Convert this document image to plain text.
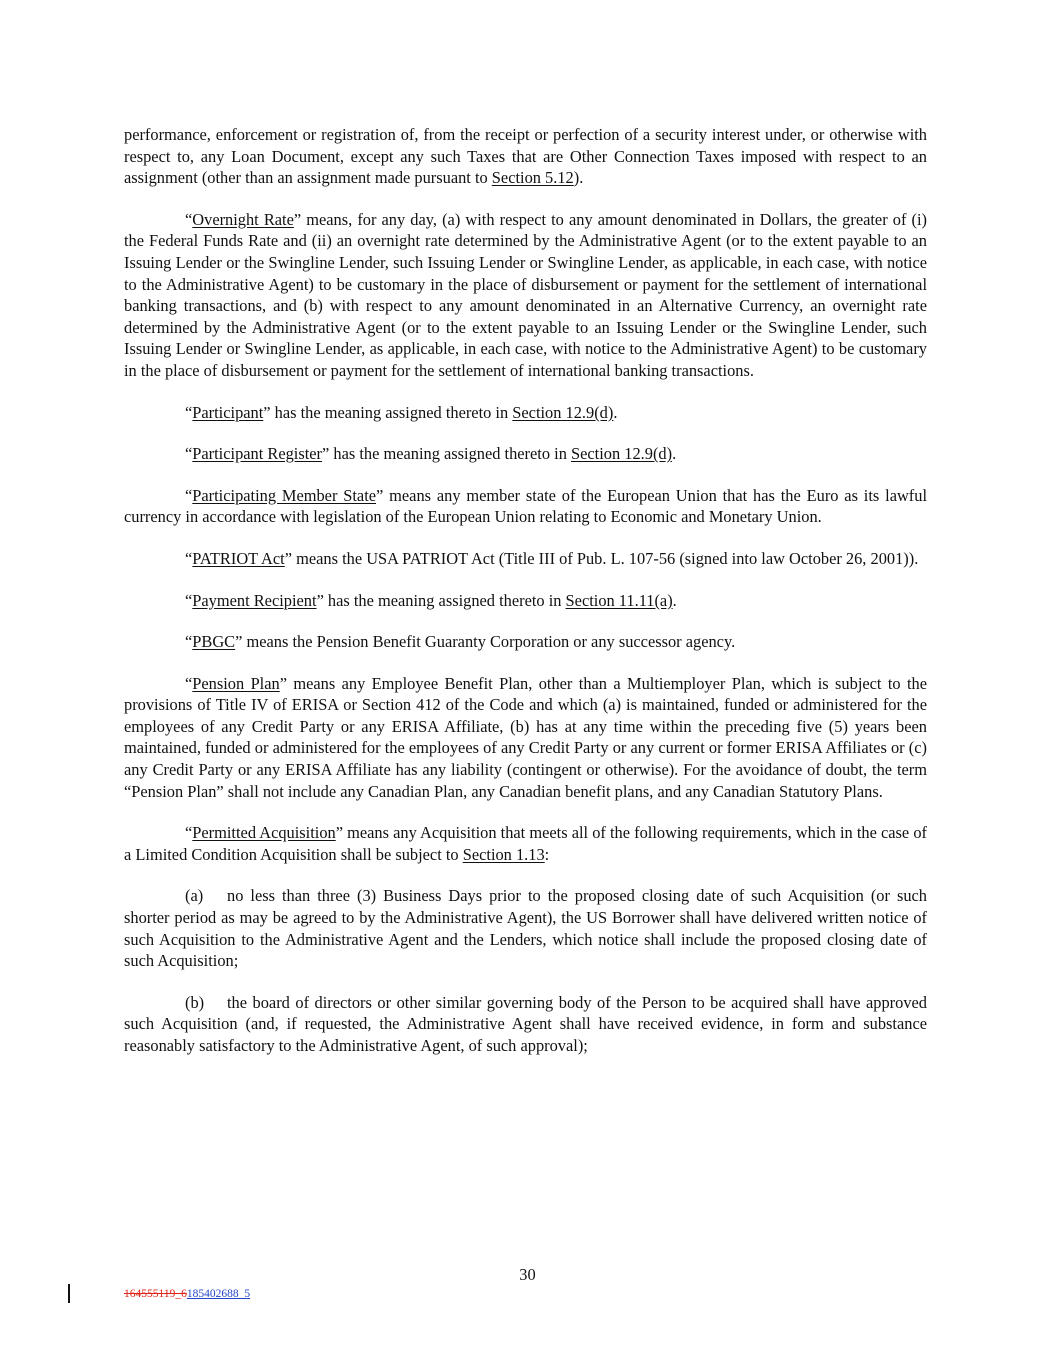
performance, enforcement or registration of, from the receipt or perfection of a security interest under, or otherwise with respect to, any Loan Document, except any such Taxes that are Other Connection Taxes imposed with respect to an assignment (other than an assignment made pursuant to Section 5.12).

“Overnight Rate” means, for any day, (a) with respect to any amount denominated in Dollars, the greater of (i) the Federal Funds Rate and (ii) an overnight rate determined by the Administrative Agent (or to the extent payable to an Issuing Lender or the Swingline Lender, such Issuing Lender or Swingline Lender, as applicable, in each case, with notice to the Administrative Agent) to be customary in the place of disbursement or payment for the settlement of international banking transactions, and (b) with respect to any amount denominated in an Alternative Currency, an overnight rate determined by the Administrative Agent (or to the extent payable to an Issuing Lender or the Swingline Lender, such Issuing Lender or Swingline Lender, as applicable, in each case, with notice to the Administrative Agent) to be customary in the place of disbursement or payment for the settlement of international banking transactions.

“Participant” has the meaning assigned thereto in Section 12.9(d).

“Participant Register” has the meaning assigned thereto in Section 12.9(d).

“Participating Member State” means any member state of the European Union that has the Euro as its lawful currency in accordance with legislation of the European Union relating to Economic and Monetary Union.

“PATRIOT Act” means the USA PATRIOT Act (Title III of Pub. L. 107-56 (signed into law October 26, 2001)).

“Payment Recipient” has the meaning assigned thereto in Section 11.11(a).

“PBGC” means the Pension Benefit Guaranty Corporation or any successor agency.

“Pension Plan” means any Employee Benefit Plan, other than a Multiemployer Plan, which is subject to the provisions of Title IV of ERISA or Section 412 of the Code and which (a) is maintained, funded or administered for the employees of any Credit Party or any ERISA Affiliate, (b) has at any time within the preceding five (5) years been maintained, funded or administered for the employees of any Credit Party or any current or former ERISA Affiliates or (c) any Credit Party or any ERISA Affiliate has any liability (contingent or otherwise). For the avoidance of doubt, the term “Pension Plan” shall not include any Canadian Plan, any Canadian benefit plans, and any Canadian Statutory Plans.

“Permitted Acquisition” means any Acquisition that meets all of the following requirements, which in the case of a Limited Condition Acquisition shall be subject to Section 1.13:

(a) no less than three (3) Business Days prior to the proposed closing date of such Acquisition (or such shorter period as may be agreed to by the Administrative Agent), the US Borrower shall have delivered written notice of such Acquisition to the Administrative Agent and the Lenders, which notice shall include the proposed closing date of such Acquisition;

(b) the board of directors or other similar governing body of the Person to be acquired shall have approved such Acquisition (and, if requested, the Administrative Agent shall have received evidence, in form and substance reasonably satisfactory to the Administrative Agent, of such approval);

30
164555119_6185402688_5
